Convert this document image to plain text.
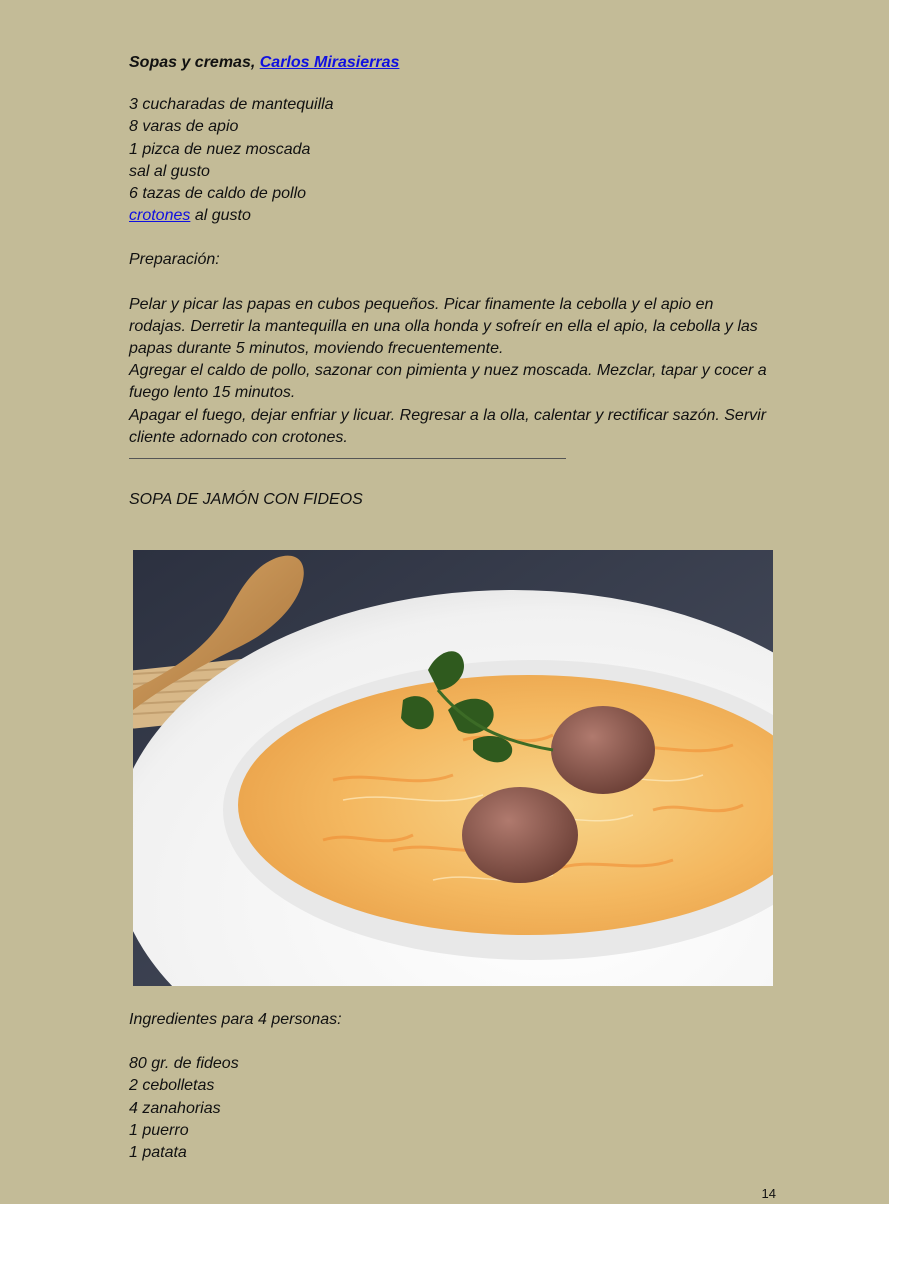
Sopas y cremas, Carlos Mirasierras

3 cucharadas de mantequilla
8 varas de apio
1 pizca de nuez moscada
sal al gusto
6 tazas de caldo de pollo
crotones al gusto

Preparación:

Pelar y picar las papas en cubos pequeños. Picar finamente la cebolla y el apio en rodajas. Derretir la mantequilla en una olla honda y sofreír en ella el apio, la cebolla y las papas durante 5 minutos, moviendo frecuentemente.

Agregar el caldo de pollo, sazonar con pimienta y nuez moscada. Mezclar, tapar y cocer a fuego lento 15 minutos.

Apagar el fuego, dejar enfriar y licuar. Regresar a la olla, calentar y rectificar sazón. Servir cliente adornado con crotones.

SOPA DE JAMÓN CON FIDEOS

Ingredientes para 4 personas:

80 gr. de fideos
2 cebolletas
4 zanahorias
1 puerro
1 patata
14
